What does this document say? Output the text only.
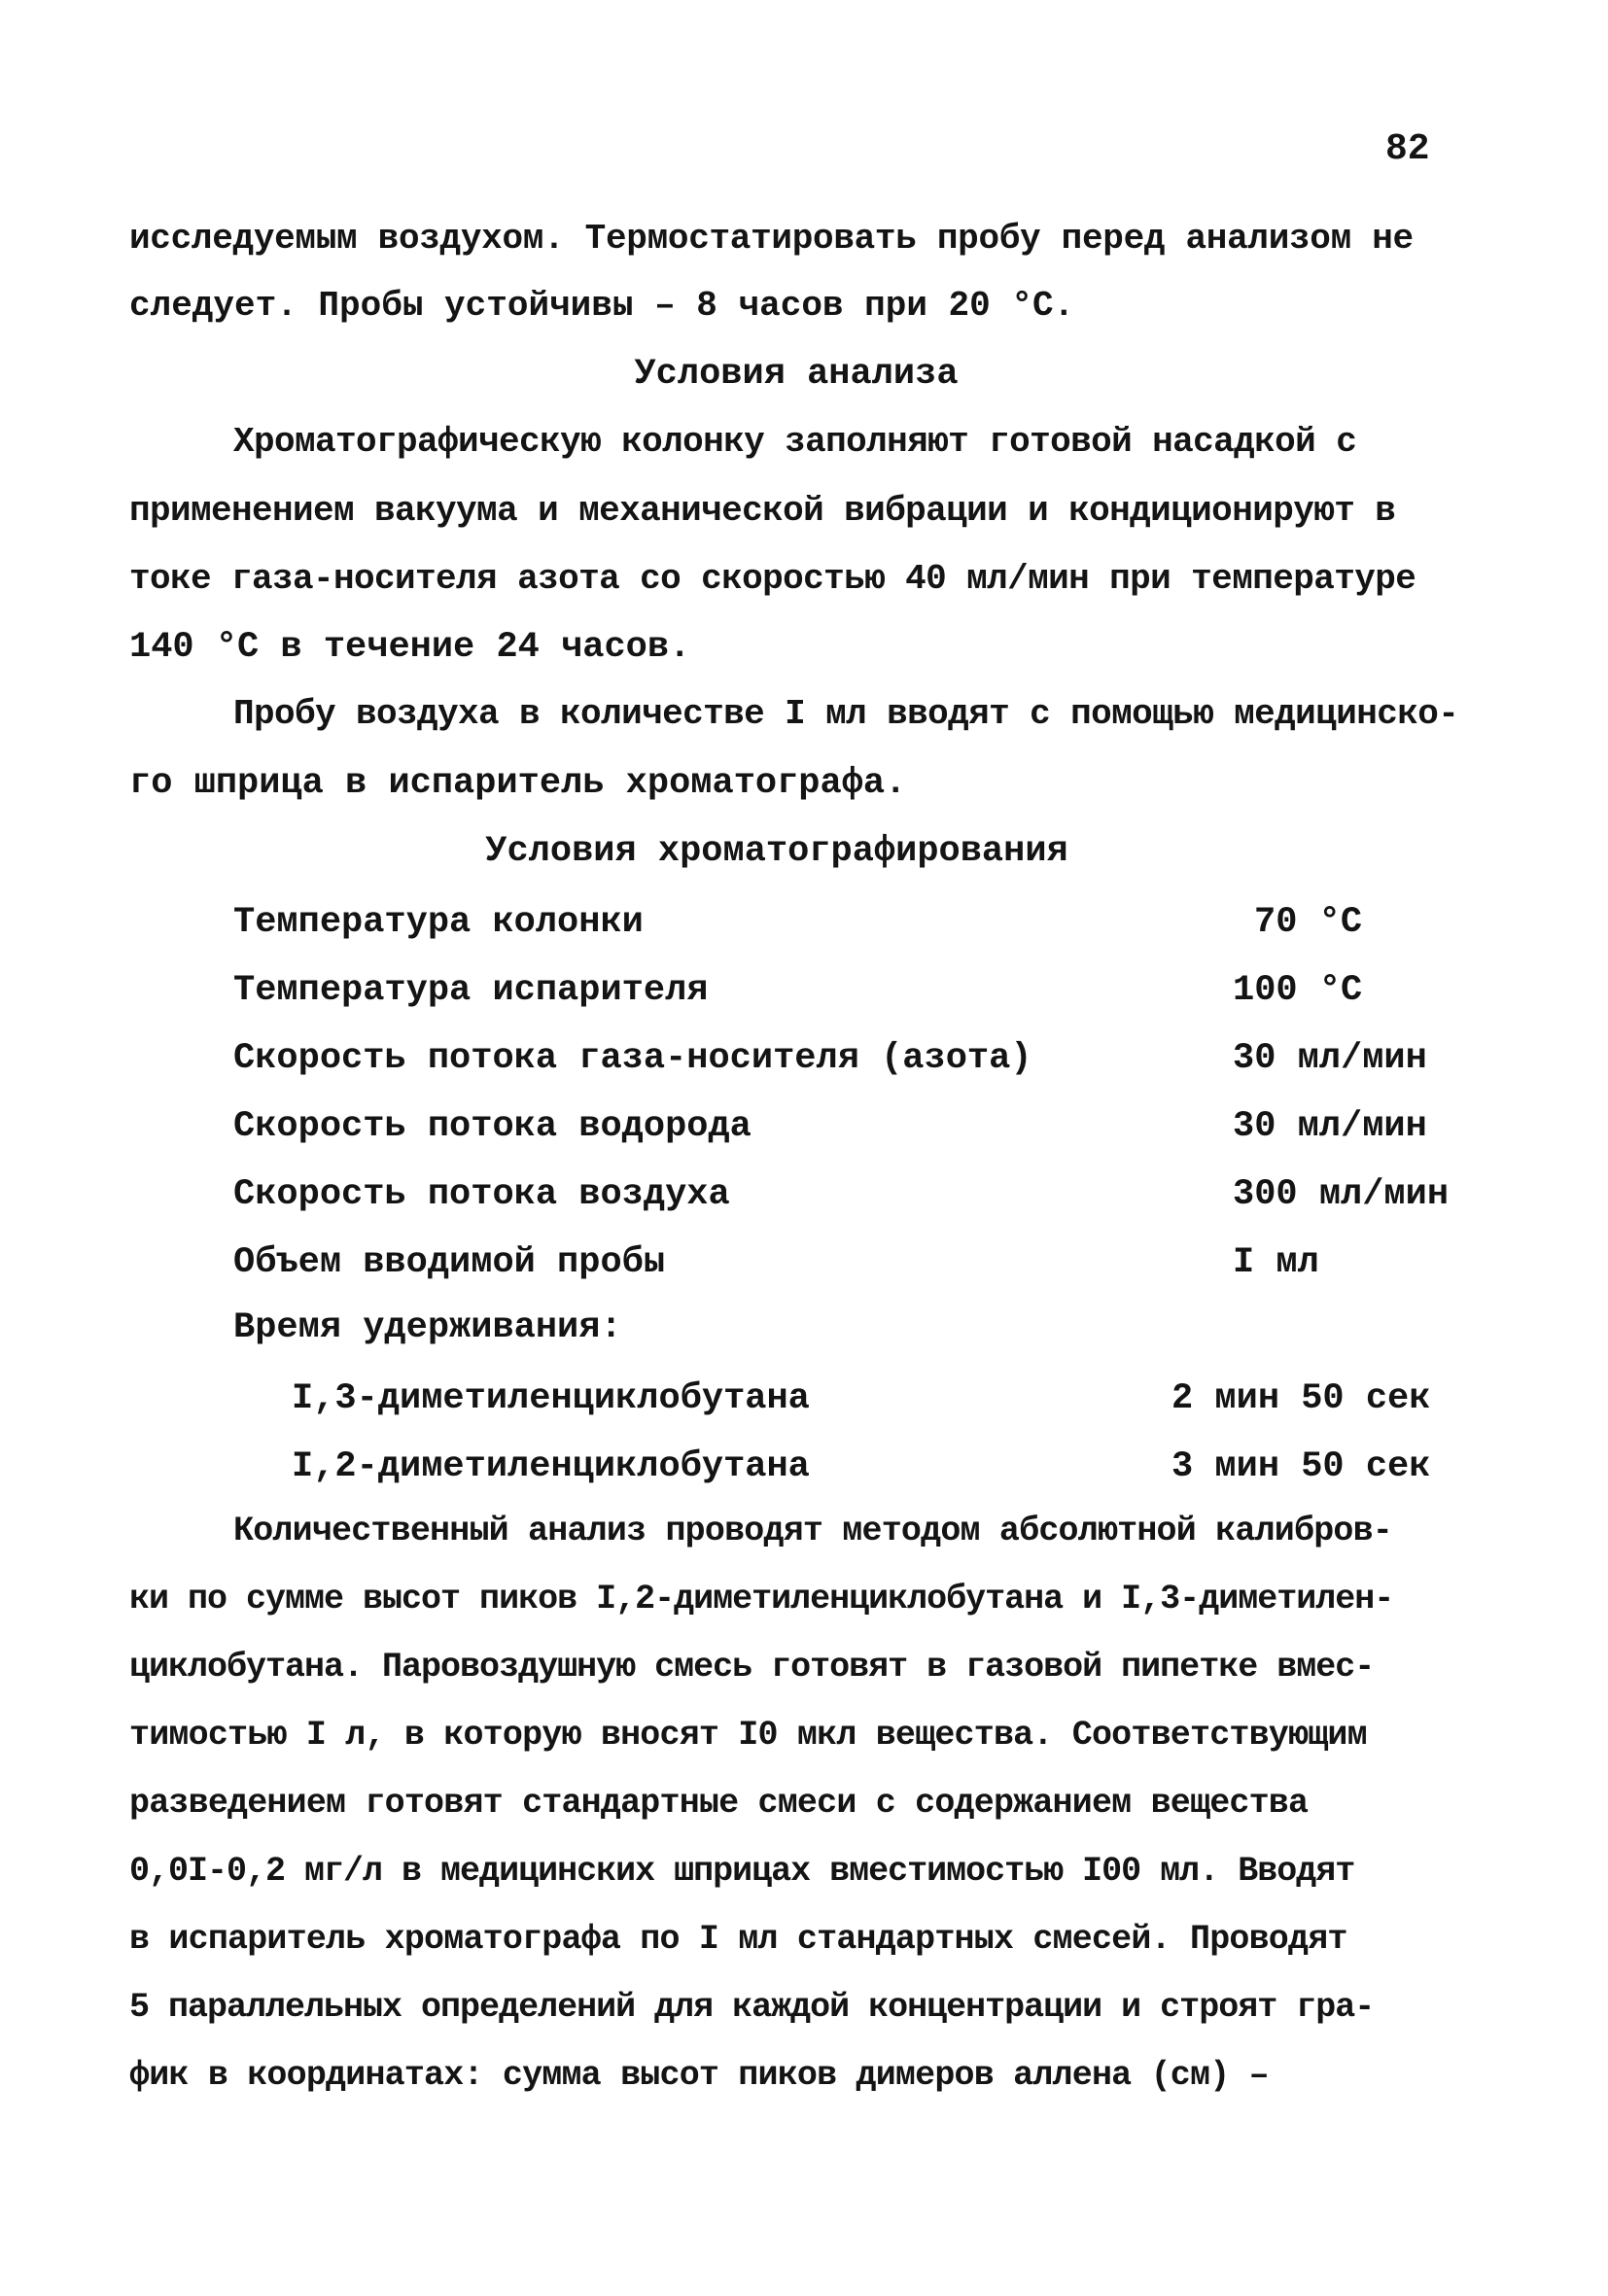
82
исследуемым воздухом. Термостатировать пробу перед анализом не
следует. Пробы устойчивы – 8 часов при 20 °С.
Условия анализа
Хроматографическую колонку заполняют готовой насадкой с
применением вакуума и механической вибрации и кондиционируют в
токе газа-носителя азота со скоростью 40 мл/мин при температуре
140 °С в течение 24 часов.
Пробу воздуха в количестве I мл вводят с помощью медицинско-
го шприца в испаритель хроматографа.
Условия хроматографирования
Температура колонки	70 °С
Температура испарителя	100 °С
Скорость потока газа-носителя (азота)	30 мл/мин
Скорость потока водорода	30 мл/мин
Скорость потока воздуха	300 мл/мин
Объем вводимой пробы	I мл
Время удерживания:
I,3-диметиленциклобутана	2 мин 50 сек
I,2-диметиленциклобутана	3 мин 50 сек
Количественный анализ проводят методом абсолютной калибров-
ки по сумме высот пиков I,2-диметиленциклобутана и I,3-диметилен-
циклобутана. Паровоздушную смесь готовят в газовой пипетке вмес-
тимостью I л, в которую вносят I0 мкл вещества. Соответствующим
разведением готовят стандартные смеси с содержанием вещества
0,0I-0,2 мг/л в медицинских шприцах вместимостью I00 мл. Вводят
в испаритель хроматографа по I мл стандартных смесей. Проводят
5 параллельных определений для каждой концентрации и строят гра-
фик в координатах: сумма высот пиков димеров аллена (см) –
